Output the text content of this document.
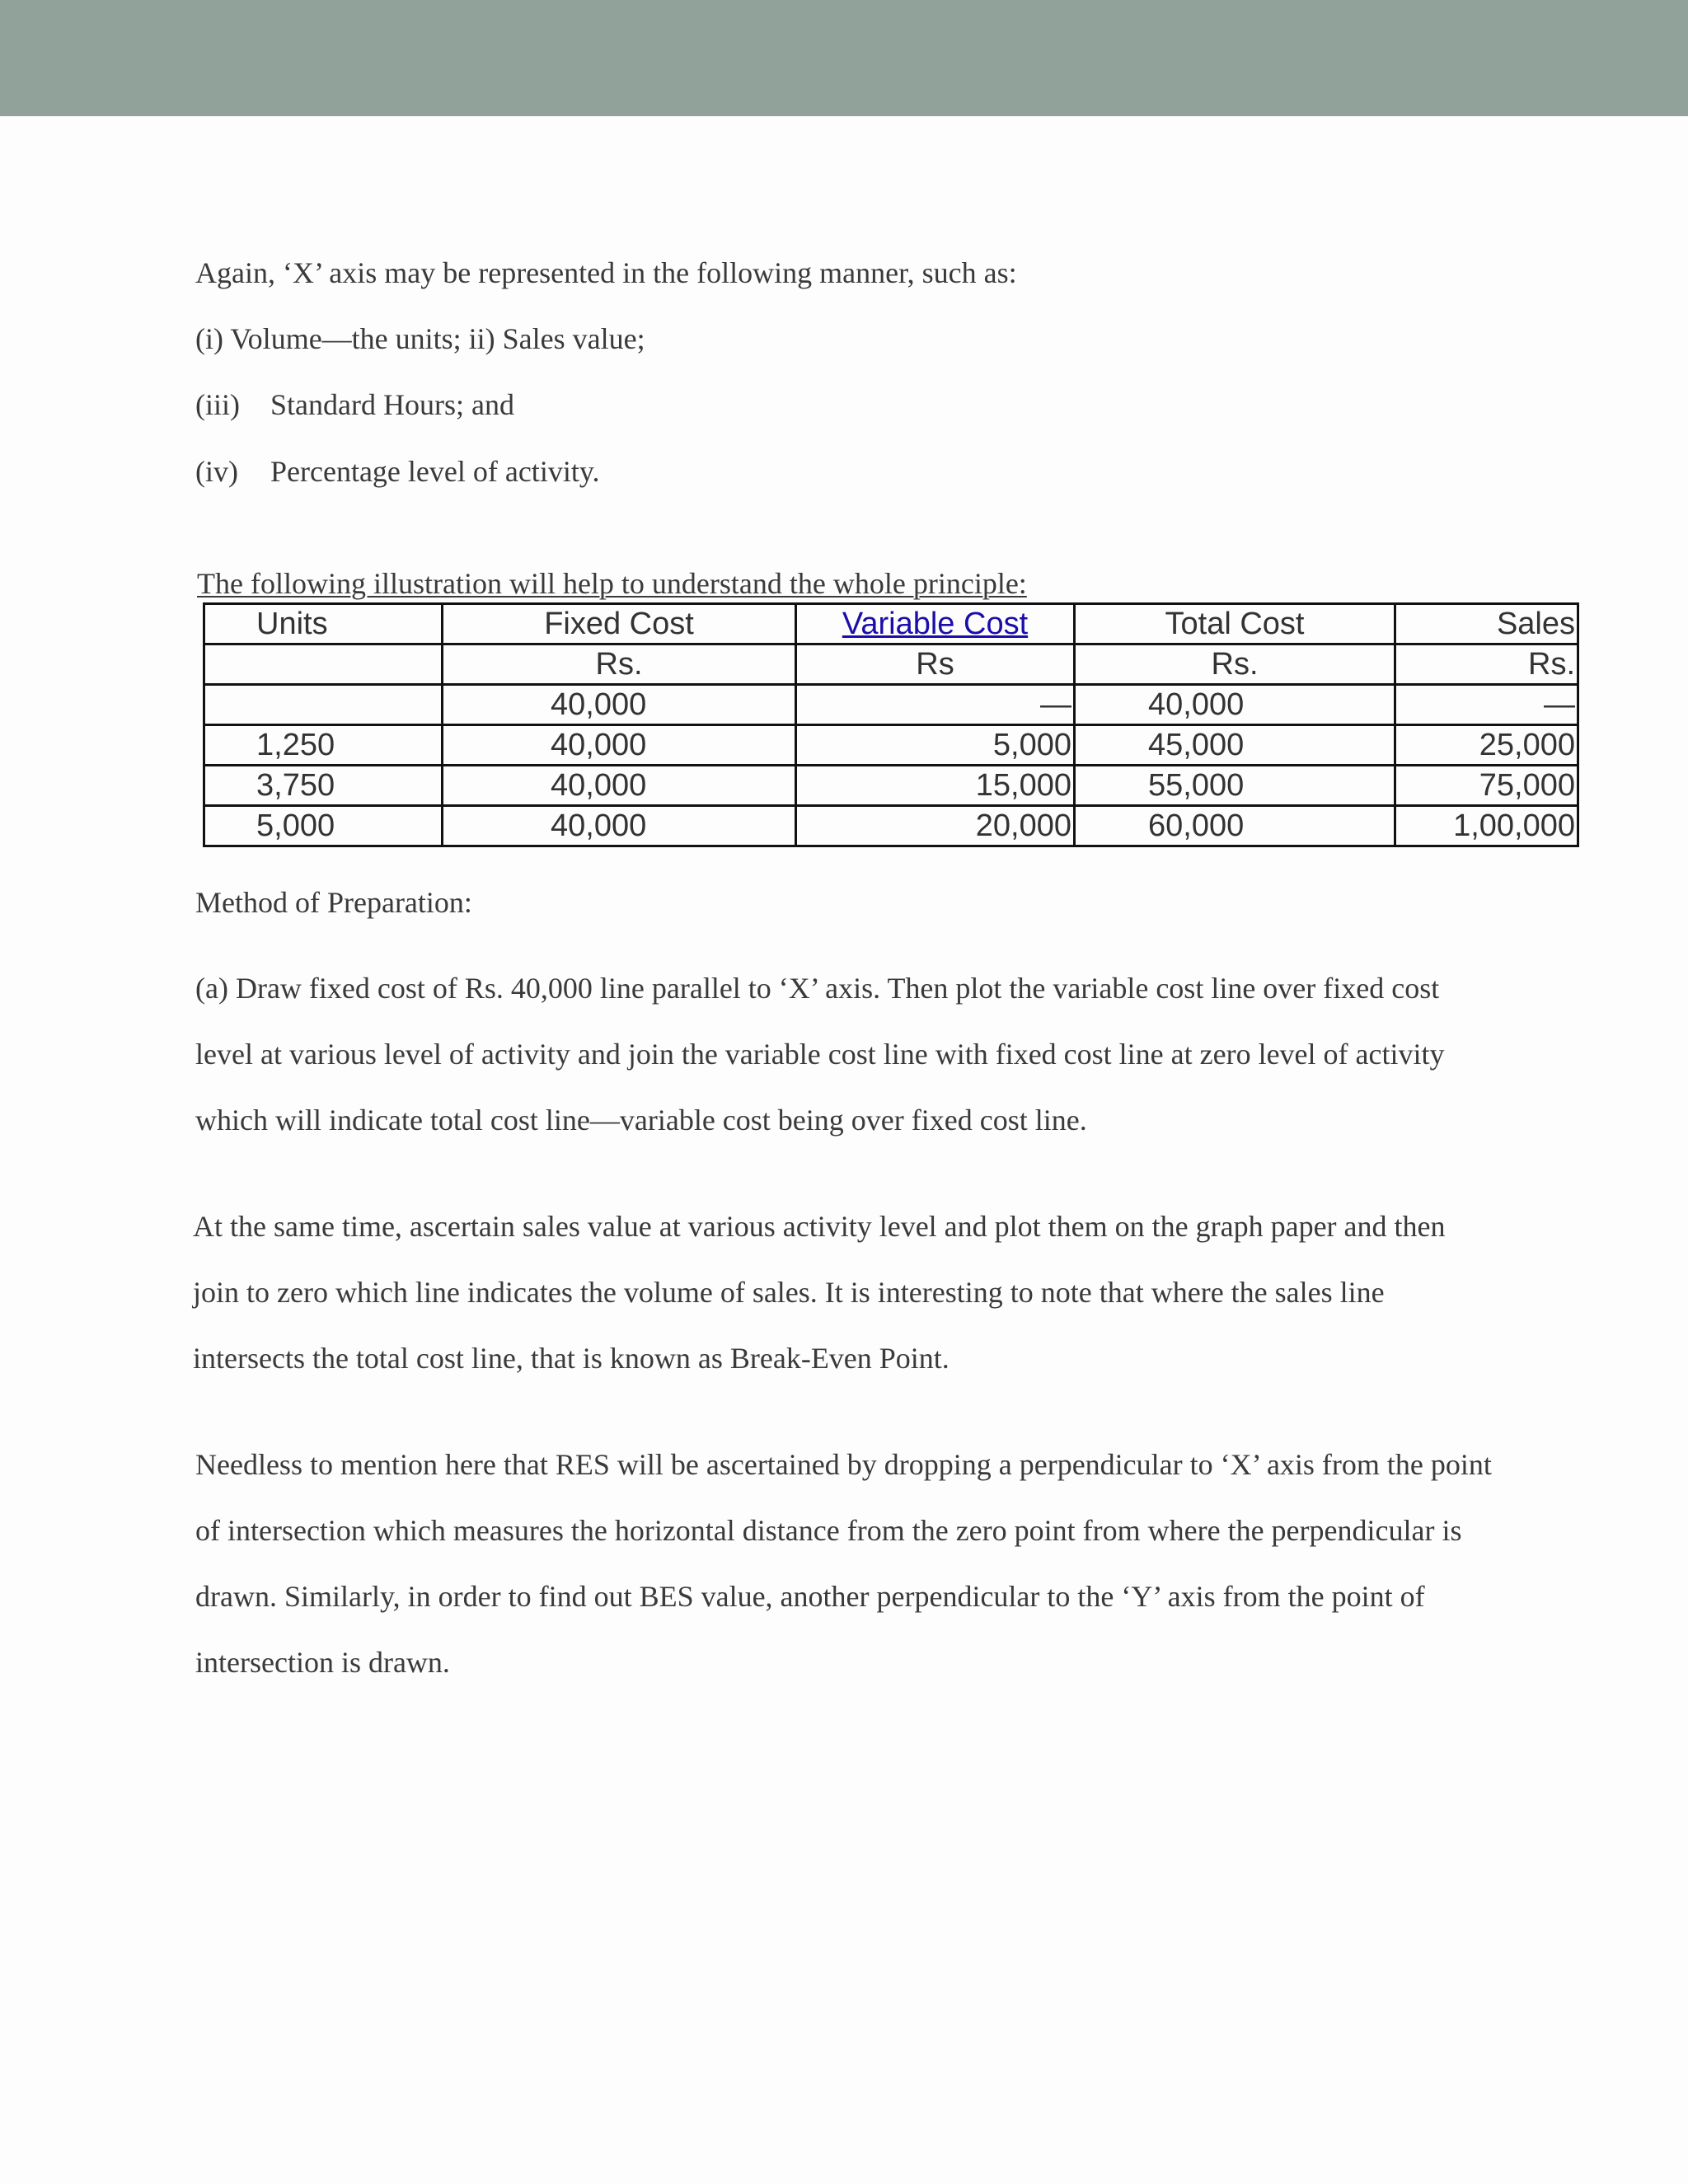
Again, ‘X’ axis may be represented in the following manner, such as:

(i) Volume—the units; ii) Sales value;

(iii) Standard Hours; and

(iv) Percentage level of activity.

The following illustration will help to understand the whole principle:
Units	Fixed Cost	Variable Cost	Total Cost	Sales
	Rs.	Rs	Rs.	Rs.
	40,000	—	40,000	—
1,250	40,000	5,000	45,000	25,000
3,750	40,000	15,000	55,000	75,000
5,000	40,000	20,000	60,000	1,00,000

Method of Preparation:

(a) Draw fixed cost of Rs. 40,000 line parallel to ‘X’ axis. Then plot the variable cost line over fixed cost level at various level of activity and join the variable cost line with fixed cost line at zero level of activity which will indicate total cost line—variable cost being over fixed cost line.

At the same time, ascertain sales value at various activity level and plot them on the graph paper and then join to zero which line indicates the volume of sales. It is interesting to note that where the sales line intersects the total cost line, that is known as Break-Even Point.

Needless to mention here that RES will be ascertained by dropping a perpendicular to ‘X’ axis from the point of intersection which measures the horizontal distance from the zero point from where the perpendicular is drawn. Similarly, in order to find out BES value, another perpendicular to the ‘Y’ axis from the point of intersection is drawn.
